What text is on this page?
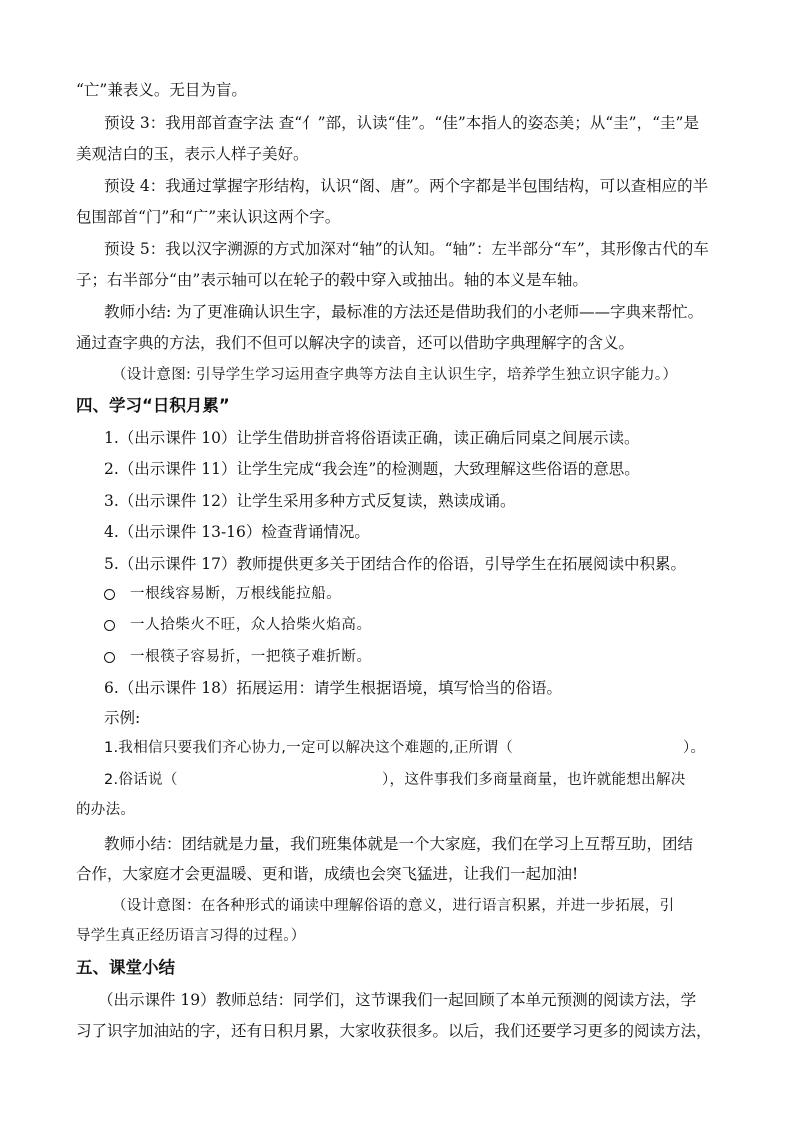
“亡”兼表义。无目为盲。
预设 3：我用部首查字法 查“亻”部，认读“佳”。“佳”本指人的姿态美；从“圭”，“圭”是
美观洁白的玉，表示人样子美好。
预设 4：我通过掌握字形结构，认识“阁、唐”。两个字都是半包围结构，可以查相应的半
包围部首“门”和“广”来认识这两个字。
预设 5：我以汉字溯源的方式加深对“轴”的认知。“轴”：左半部分“车”，其形像古代的车
子；右半部分“由”表示轴可以在轮子的毂中穿入或抽出。轴的本义是车轴。
教师小结: 为了更准确认识生字，最标准的方法还是借助我们的小老师——字典来帮忙。
通过查字典的方法，我们不但可以解决字的读音，还可以借助字典理解字的含义。
（设计意图: 引导学生学习运用查字典等方法自主认识生字，培养学生独立识字能力。）
四、学习“日积月累”
1.（出示课件 10）让学生借助拼音将俗语读正确，读正确后同桌之间展示读。
2.（出示课件 11）让学生完成“我会连”的检测题，大致理解这些俗语的意思。
3.（出示课件 12）让学生采用多种方式反复读，熟读成诵。
4.（出示课件 13-16）检查背诵情况。
5.（出示课件 17）教师提供更多关于团结合作的俗语，引导学生在拓展阅读中积累。
一根线容易断，万根线能拉船。
一人拾柴火不旺，众人拾柴火焰高。
一根筷子容易折，一把筷子难折断。
6.（出示课件 18）拓展运用：请学生根据语境，填写恰当的俗语。
示例:
1.我相信只要我们齐心协力,一定可以解决这个难题的,正所谓（	）。
2.俗话说（	），这件事我们多商量商量，也许就能想出解决
的办法。
教师小结：团结就是力量，我们班集体就是一个大家庭，我们在学习上互帮互助，团结
合作，大家庭才会更温暖、更和谐，成绩也会突飞猛进，让我们一起加油!
（设计意图：在各种形式的诵读中理解俗语的意义，进行语言积累，并进一步拓展，引
导学生真正经历语言习得的过程。）
五、课堂小结
（出示课件 19）教师总结：同学们，这节课我们一起回顾了本单元预测的阅读方法，学
习了识字加油站的字，还有日积月累，大家收获很多。以后，我们还要学习更多的阅读方法，
